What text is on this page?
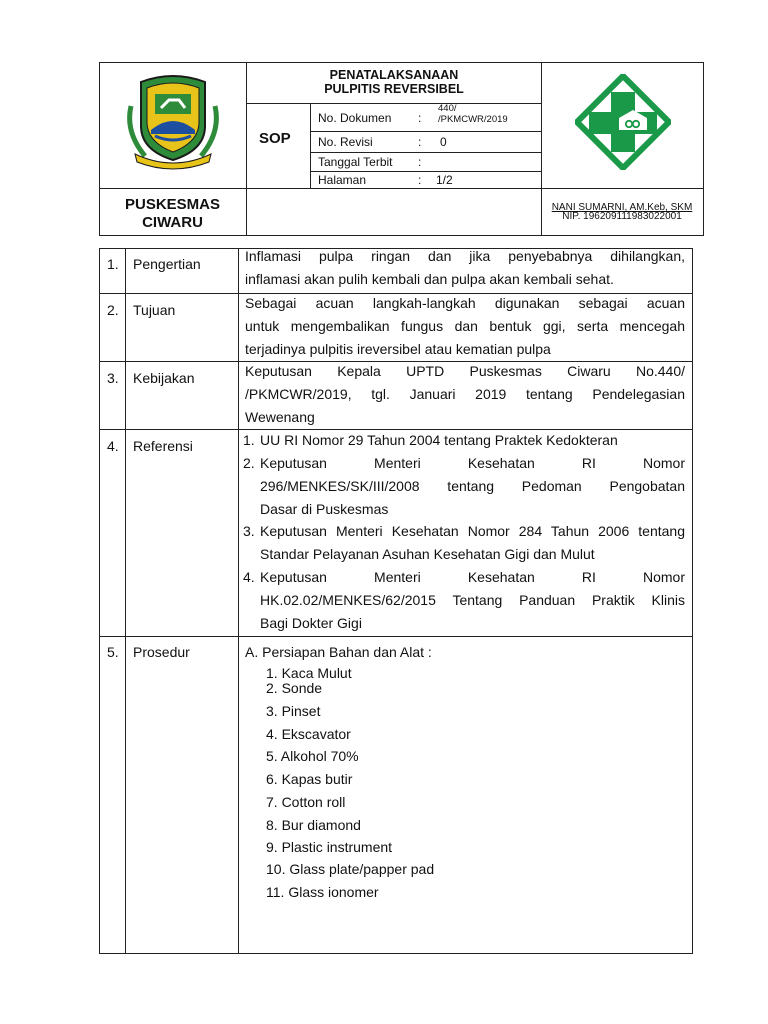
PENATALAKSANAAN
PULPITIS REVERSIBEL
SOP
No. Dokumen :
440/
/PKMCWR/2019
No. Revisi	: 0
Tanggal Terbit :
Halaman	: 1/2
PUSKESMAS
CIWARU
NANI SUMARNI, AM.Keb, SKM
NIP. 196209111983022001
1. Pengertian	Inflamasi pulpa ringan dan jika penyebabnya dihilangkan,
inflamasi akan pulih kembali dan pulpa akan kembali sehat.
2. Tujuan	Sebagai acuan langkah-langkah digunakan sebagai acuan
untuk mengembalikan fungus dan bentuk ggi, serta mencegah
terjadinya pulpitis ireversibel atau kematian pulpa
3. Kebijakan	Keputusan Kepala UPTD Puskesmas Ciwaru No.440/
/PKMCWR/2019, tgl. Januari 2019 tentang Pendelegasian
Wewenang
4. Referensi	1. UU RI Nomor 29 Tahun 2004 tentang Praktek Kedokteran
2. Keputusan Menteri Kesehatan RI Nomor
296/MENKES/SK/III/2008 tentang Pedoman Pengobatan
Dasar di Puskesmas
3. Keputusan Menteri Kesehatan Nomor 284 Tahun 2006 tentang
Standar Pelayanan Asuhan Kesehatan Gigi dan Mulut
4. Keputusan Menteri Kesehatan RI Nomor
HK.02.02/MENKES/62/2015 Tentang Panduan Praktik Klinis
Bagi Dokter Gigi
5. Prosedur	A. Persiapan Bahan dan Alat :
1. Kaca Mulut
2. Sonde
3. Pinset
4. Ekscavator
5. Alkohol 70%
6. Kapas butir
7. Cotton roll
8. Bur diamond
9. Plastic instrument
10. Glass plate/papper pad
11. Glass ionomer
